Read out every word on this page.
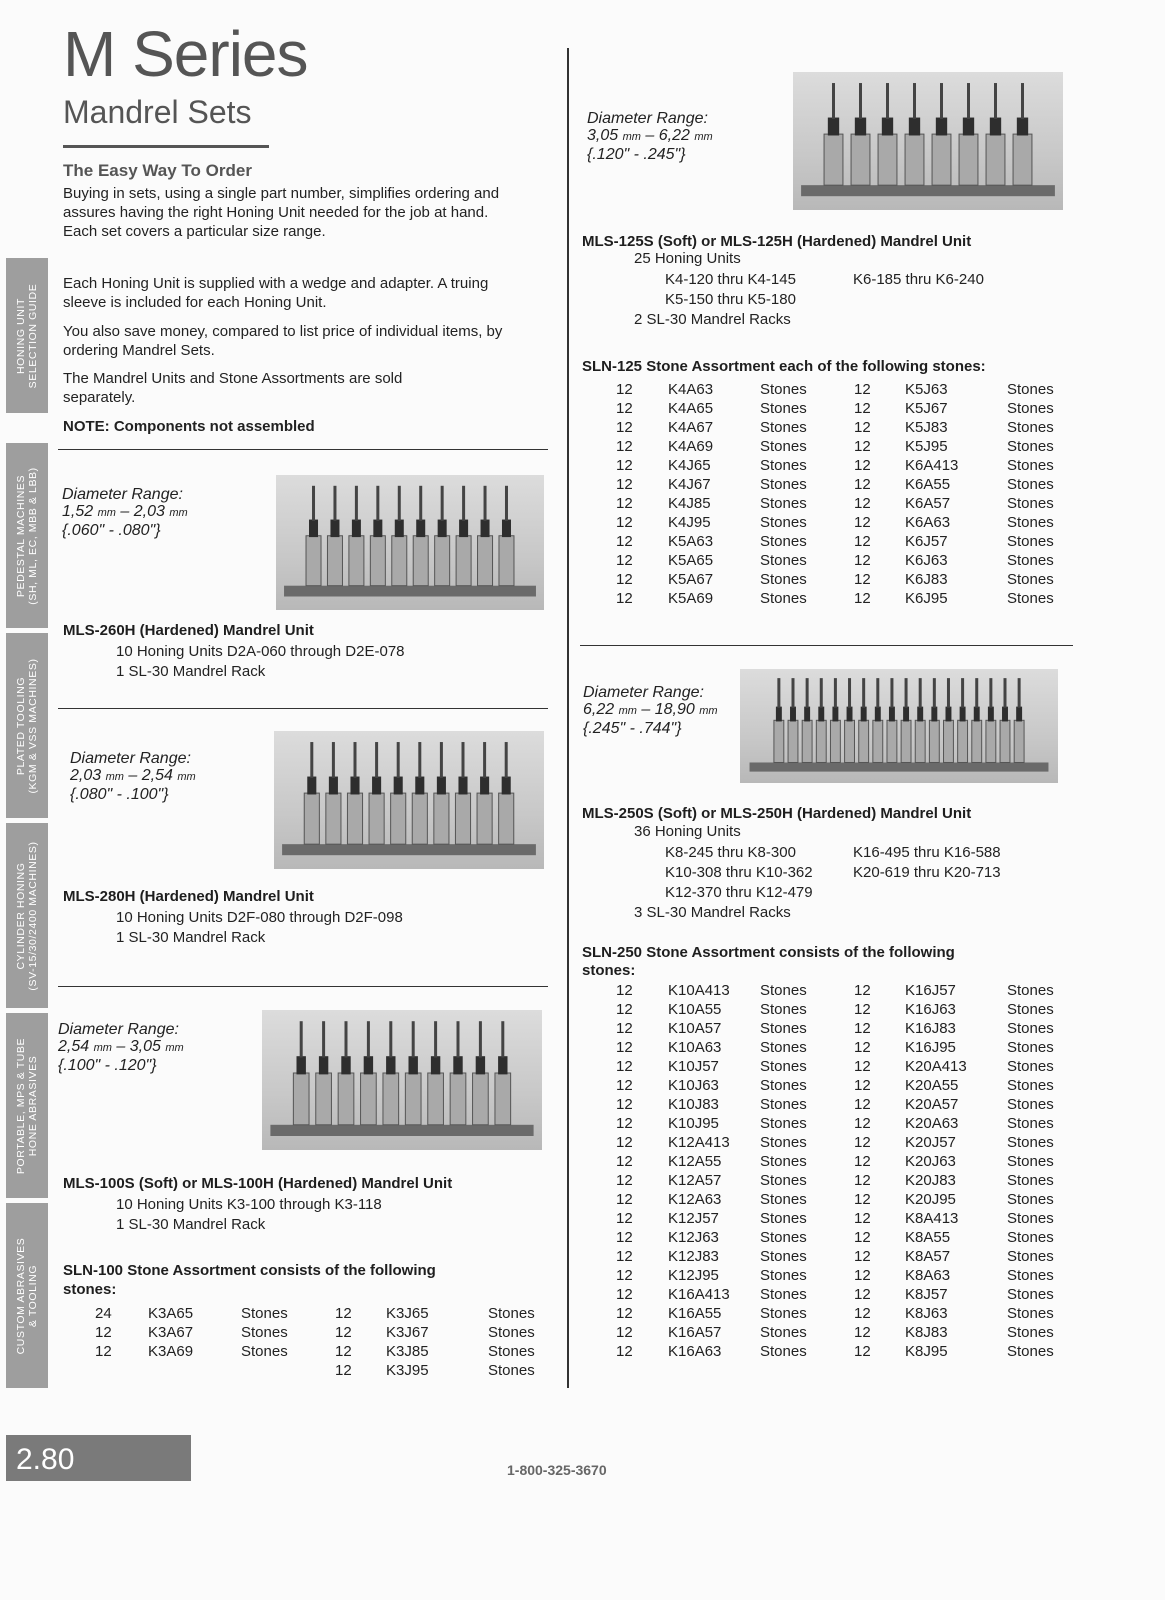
HONING UNIT SELECTION GUIDE
PEDESTAL MACHINES (SH, ML, EC, MBB & LBB)
PLATED TOOLING (KGM & VSS MACHINES)
CYLINDER HONING (SV-15/30/2400 MACHINES)
PORTABLE, MPS & TUBE HONE ABRASIVES
CUSTOM ABRASIVES & TOOLING
M Series
Mandrel Sets
The Easy Way To Order
Buying in sets, using a single part number, simplifies ordering and assures having the right Honing Unit needed for the job at hand. Each set covers a particular size range.
Each Honing Unit is supplied with a wedge and adapter. A truing sleeve is included for each Honing Unit.
You also save money, compared to list price of individual items, by ordering Mandrel Sets.
The Mandrel Units and Stone Assortments are sold separately.
NOTE: Components not assembled
Diameter Range:
1,52 mm – 2,03 mm
{.060" - .080"}
MLS-260H (Hardened) Mandrel Unit
10 Honing Units D2A-060 through D2E-078
1 SL-30 Mandrel Rack
Diameter Range:
2,03 mm – 2,54 mm
{.080" - .100"}
MLS-280H (Hardened) Mandrel Unit
10 Honing Units D2F-080 through D2F-098
1 SL-30 Mandrel Rack
Diameter Range:
2,54 mm – 3,05 mm
{.100" - .120"}
MLS-100S (Soft) or MLS-100H (Hardened) Mandrel Unit
10 Honing Units K3-100 through K3-118
1 SL-30 Mandrel Rack
SLN-100 Stone Assortment consists of the following
stones:
24 K3A65	Stones	12 K3J65	Stones
12 K3A67	Stones	12 K3J67	Stones
12 K3A69	Stones	12 K3J85	Stones
12 K3J95	Stones
Diameter Range:
3,05 mm – 6,22 mm
{.120" - .245"}
MLS-125S (Soft) or MLS-125H (Hardened) Mandrel Unit
25 Honing Units
K4-120 thru K4-145	K6-185 thru K6-240
K5-150 thru K5-180
2 SL-30 Mandrel Racks
SLN-125 Stone Assortment each of the following stones:
12 K4A63	Stones	12 K5J63	Stones
12 K4A65	Stones	12 K5J67	Stones
12 K4A67	Stones	12 K5J83	Stones
12 K4A69	Stones	12 K5J95	Stones
12 K4J65	Stones	12 K6A413	Stones
12 K4J67	Stones	12 K6A55	Stones
12 K4J85	Stones	12 K6A57	Stones
12 K4J95	Stones	12 K6A63	Stones
12 K5A63	Stones	12 K6J57	Stones
12 K5A65	Stones	12 K6J63	Stones
12 K5A67	Stones	12 K6J83	Stones
12 K5A69	Stones	12 K6J95	Stones
Diameter Range:
6,22 mm – 18,90 mm
{.245" - .744"}
MLS-250S (Soft) or MLS-250H (Hardened) Mandrel Unit
36 Honing Units
K8-245 thru K8-300	K16-495 thru K16-588
K10-308 thru K10-362	K20-619 thru K20-713
K12-370 thru K12-479
3 SL-30 Mandrel Racks
SLN-250 Stone Assortment consists of the following
stones:
12 K10A413 Stones	12 K16J57	Stones
12 K10A55	Stones	12 K16J63	Stones
12 K10A57	Stones	12 K16J83	Stones
12 K10A63	Stones	12 K16J95	Stones
12 K10J57	Stones	12 K20A413	Stones
12 K10J63	Stones	12 K20A55	Stones
12 K10J83	Stones	12 K20A57	Stones
12 K10J95	Stones	12 K20A63	Stones
12 K12A413 Stones	12 K20J57	Stones
12 K12A55	Stones	12 K20J63	Stones
12 K12A57	Stones	12 K20J83	Stones
12 K12A63	Stones	12 K20J95	Stones
12 K12J57	Stones	12 K8A413	Stones
12 K12J63	Stones	12 K8A55	Stones
12 K12J83	Stones	12 K8A57	Stones
12 K12J95	Stones	12 K8A63	Stones
12 K16A413 Stones	12 K8J57	Stones
12 K16A55	Stones	12 K8J63	Stones
12 K16A57	Stones	12 K8J83	Stones
12 K16A63	Stones	12 K8J95	Stones
2.80	1-800-325-3670
